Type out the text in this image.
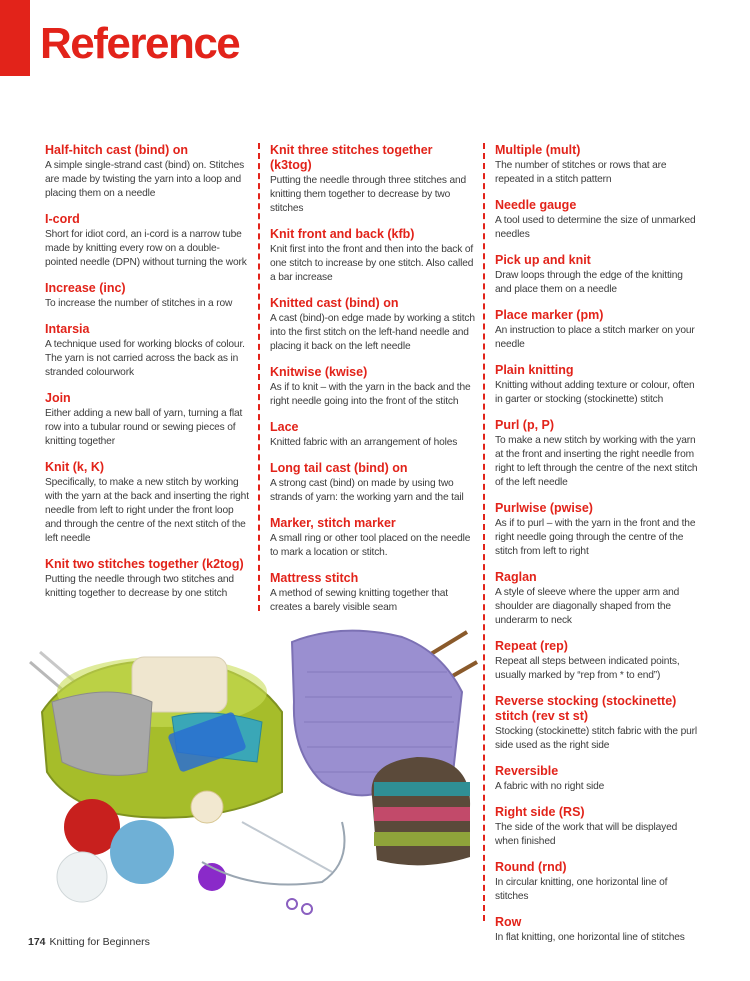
Reference
Half-hitch cast (bind) on
A simple single-strand cast (bind) on. Stitches are made by twisting the yarn into a loop and placing them on a needle
I-cord
Short for idiot cord, an i-cord is a narrow tube made by knitting every row on a double-pointed needle (DPN) without turning the work
Increase (inc)
To increase the number of stitches in a row
Intarsia
A technique used for working blocks of colour. The yarn is not carried across the back as in stranded colourwork
Join
Either adding a new ball of yarn, turning a flat row into a tubular round or sewing pieces of knitting together
Knit (k, K)
Specifically, to make a new stitch by working with the yarn at the back and inserting the right needle from left to right under the front loop and through the centre of the next stitch of the left needle
Knit two stitches together (k2tog)
Putting the needle through two stitches and knitting together to decrease by one stitch
Knit three stitches together (k3tog)
Putting the needle through three stitches and knitting them together to decrease by two stitches
Knit front and back (kfb)
Knit first into the front and then into the back of one stitch to increase by one stitch. Also called a bar increase
Knitted cast (bind) on
A cast (bind)-on edge made by working a stitch into the first stitch on the left-hand needle and placing it back on the left needle
Knitwise (kwise)
As if to knit – with the yarn in the back and the right needle going into the front of the stitch
Lace
Knitted fabric with an arrangement of holes
Long tail cast (bind) on
A strong cast (bind) on made by using two strands of yarn: the working yarn and the tail
Marker, stitch marker
A small ring or other tool placed on the needle to mark a location or stitch.
Mattress stitch
A method of sewing knitting together that creates a barely visible seam
Multiple (mult)
The number of stitches or rows that are repeated in a stitch pattern
Needle gauge
A tool used to determine the size of unmarked needles
Pick up and knit
Draw loops through the edge of the knitting and place them on a needle
Place marker (pm)
An instruction to place a stitch marker on your needle
Plain knitting
Knitting without adding texture or colour, often in garter or stocking (stockinette) stitch
Purl (p, P)
To make a new stitch by working with the yarn at the front and inserting the right needle from right to left through the centre of the next stitch of the left needle
Purlwise (pwise)
As if to purl – with the yarn in the front and the right needle going through the centre of the stitch from left to right
Raglan
A style of sleeve where the upper arm and shoulder are diagonally shaped from the underarm to neck
Repeat (rep)
Repeat all steps between indicated points, usually marked by “rep from * to end”)
Reverse stocking (stockinette) stitch (rev st st)
Stocking (stockinette) stitch fabric with the purl side used as the right side
Reversible
A fabric with no right side
Right side (RS)
The side of the work that will be displayed when finished
Round (rnd)
In circular knitting, one horizontal line of stitches
Row
In flat knitting, one horizontal line of stitches
174 Knitting for Beginners
